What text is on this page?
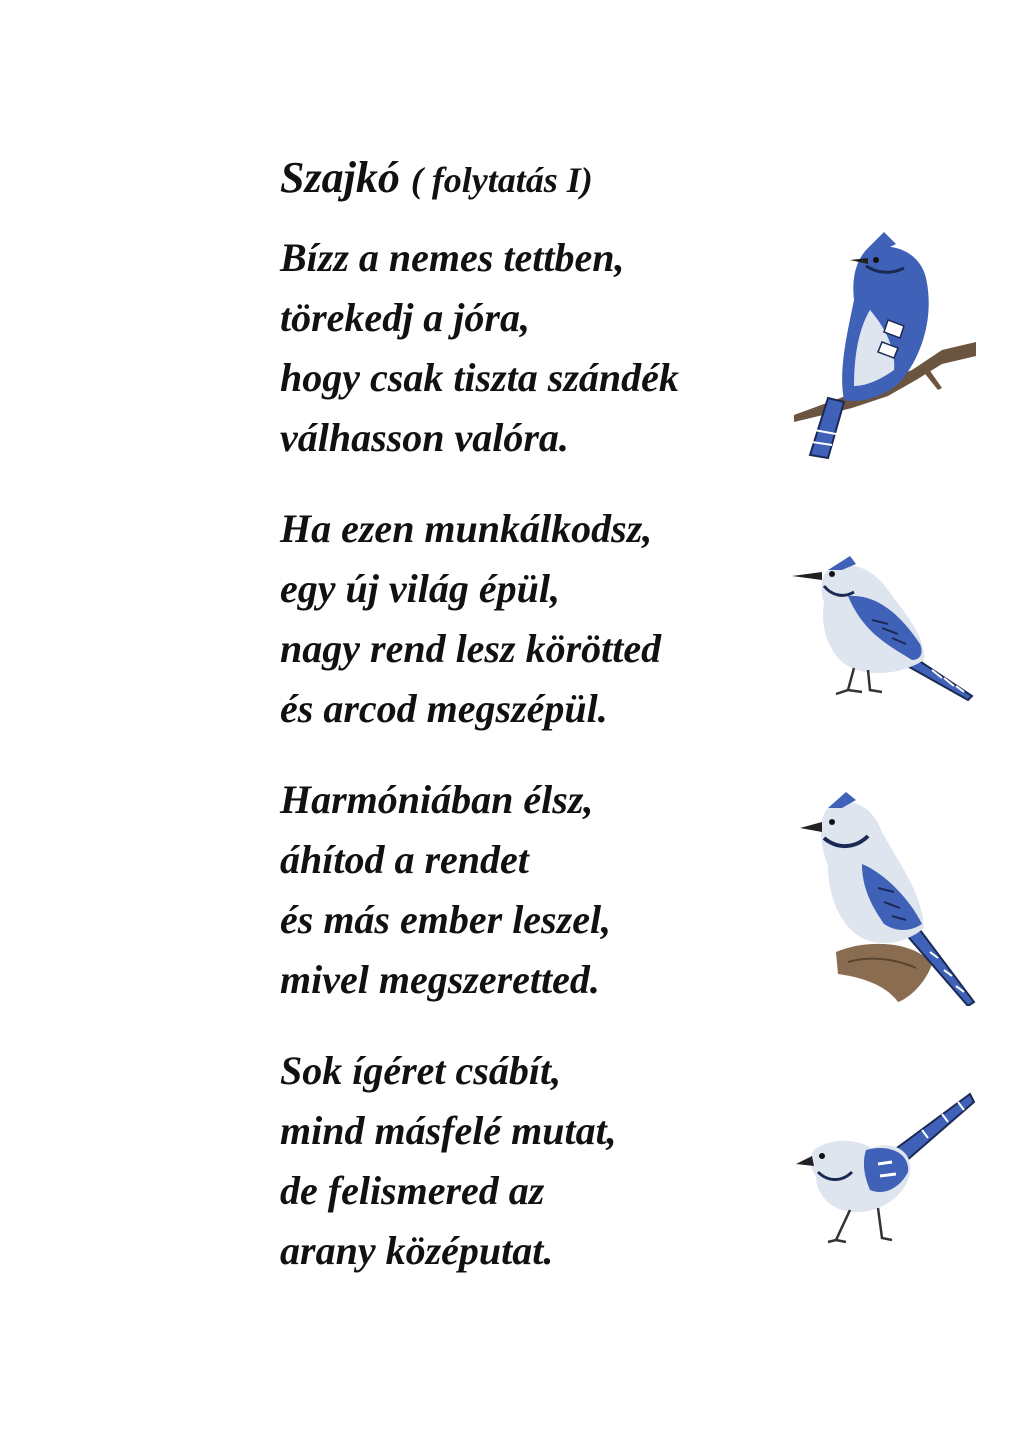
Szajkó ( folytatás I)
Bízz a nemes tettben,
törekedj a jóra,
hogy csak tiszta szándék
válhasson valóra.
Ha ezen munkálkodsz,
egy új világ épül,
nagy rend lesz körötted
és arcod megszépül.
Harmóniában élsz,
áhítod a rendet
és más ember leszel,
mivel megszeretted.
Sok ígéret csábít,
mind másfelé mutat,
de felismered az
arany középutat.
